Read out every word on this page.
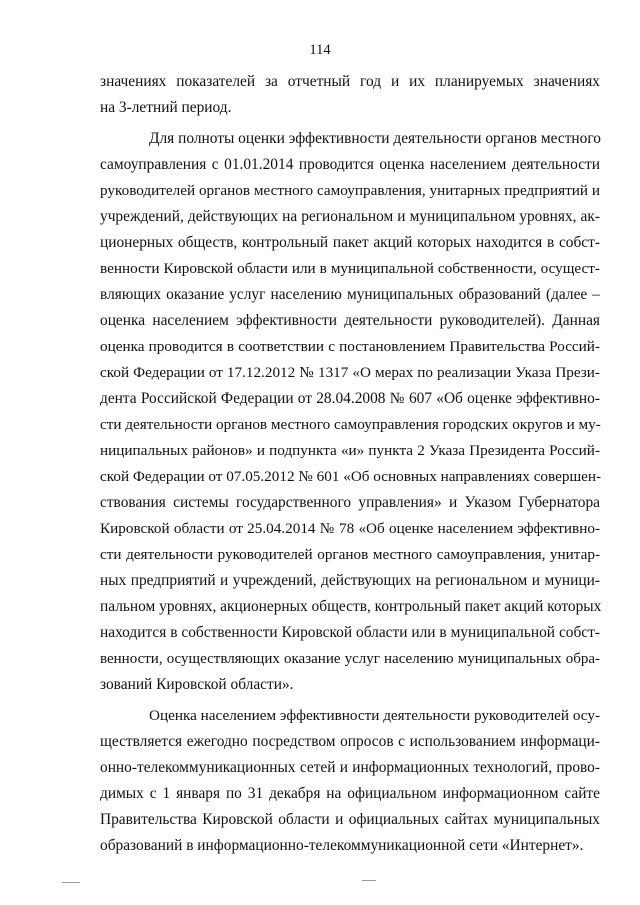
114
значениях показателей за отчетный год и их планируемых значениях
на 3-летний период.
Для полноты оценки эффективности деятельности органов местного
самоуправления с 01.01.2014 проводится оценка населением деятельности
руководителей органов местного самоуправления, унитарных предприятий и
учреждений, действующих на региональном и муниципальном уровнях, ак-
ционерных обществ, контрольный пакет акций которых находится в собст-
венности Кировской области или в муниципальной собственности, осущест-
вляющих оказание услуг населению муниципальных образований (далее –
оценка населением эффективности деятельности руководителей). Данная
оценка проводится в соответствии с постановлением Правительства Россий-
ской Федерации от 17.12.2012 № 1317 «О мерах по реализации Указа Прези-
дента Российской Федерации от 28.04.2008 № 607 «Об оценке эффективно-
сти деятельности органов местного самоуправления городских округов и му-
ниципальных районов» и подпункта «и» пункта 2 Указа Президента Россий-
ской Федерации от 07.05.2012 № 601 «Об основных направлениях совершен-
ствования системы государственного управления» и Указом Губернатора
Кировской области от 25.04.2014 № 78 «Об оценке населением эффективно-
сти деятельности руководителей органов местного самоуправления, унитар-
ных предприятий и учреждений, действующих на региональном и муници-
пальном уровнях, акционерных обществ, контрольный пакет акций которых
находится в собственности Кировской области или в муниципальной собст-
венности, осуществляющих оказание услуг населению муниципальных обра-
зований Кировской области».
Оценка населением эффективности деятельности руководителей осу-
ществляется ежегодно посредством опросов с использованием информаци-
онно-телекоммуникационных сетей и информационных технологий, прово-
димых с 1 января по 31 декабря на официальном информационном сайте
Правительства Кировской области и официальных сайтах муниципальных
образований в информационно-телекоммуникационной сети «Интернет».
